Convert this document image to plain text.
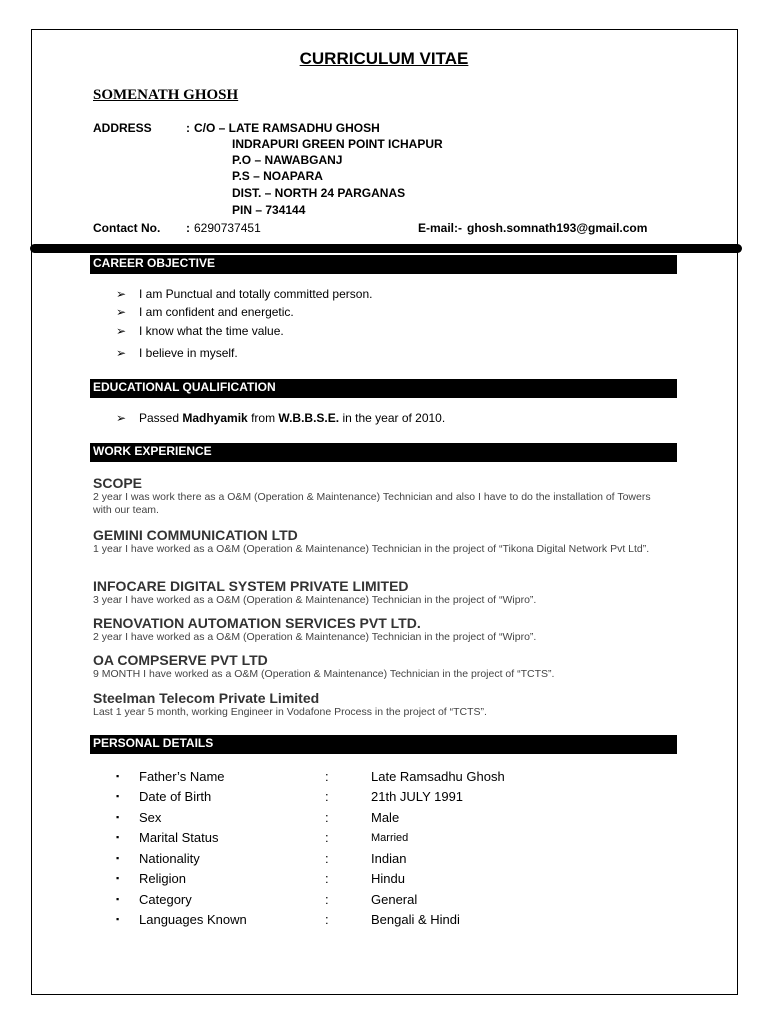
CURRICULUM VITAE
SOMENATH GHOSH
ADDRESS	: C/O – LATE RAMSADHU GHOSH
INDRAPURI GREEN POINT ICHAPUR
P.O – NAWABGANJ
P.S – NOAPARA
DIST. – NORTH 24 PARGANAS
PIN – 734144
Contact No. : 6290737451	E-mail:- ghosh.somnath193@gmail.com
CAREER OBJECTIVE
➢ I am Punctual and totally committed person.
➢ I am confident and energetic.
➢ I know what the time value.
➢ I believe in myself.
EDUCATIONAL QUALIFICATION
➢ Passed Madhyamik from W.B.B.S.E. in the year of 2010.
WORK EXPERIENCE
SCOPE
2 year I was work there as a O&M (Operation & Maintenance) Technician and also I have to do the installation of Towers with our team.
GEMINI COMMUNICATION LTD
1 year I have worked as a O&M (Operation & Maintenance) Technician in the project of “Tikona Digital Network Pvt Ltd”.
INFOCARE DIGITAL SYSTEM PRIVATE LIMITED
3 year I have worked as a O&M (Operation & Maintenance) Technician in the project of “Wipro”.
RENOVATION AUTOMATION SERVICES PVT LTD.
2 year I have worked as a O&M (Operation & Maintenance) Technician in the project of “Wipro”.
OA COMPSERVE PVT LTD
9 MONTH I have worked as a O&M (Operation & Maintenance) Technician in the project of “TCTS”.
Steelman Telecom Private Limited
Last 1 year 5 month, working Engineer in Vodafone Process in the project of “TCTS”.
PERSONAL DETAILS
▪ Father’s Name	:	Late Ramsadhu Ghosh
▪ Date of Birth	:	21th JULY 1991
▪ Sex	:	Male
▪ Marital Status	:	Married
▪ Nationality	:	Indian
▪ Religion	:	Hindu
▪ Category	:	General
▪ Languages Known	:	Bengali & Hindi
